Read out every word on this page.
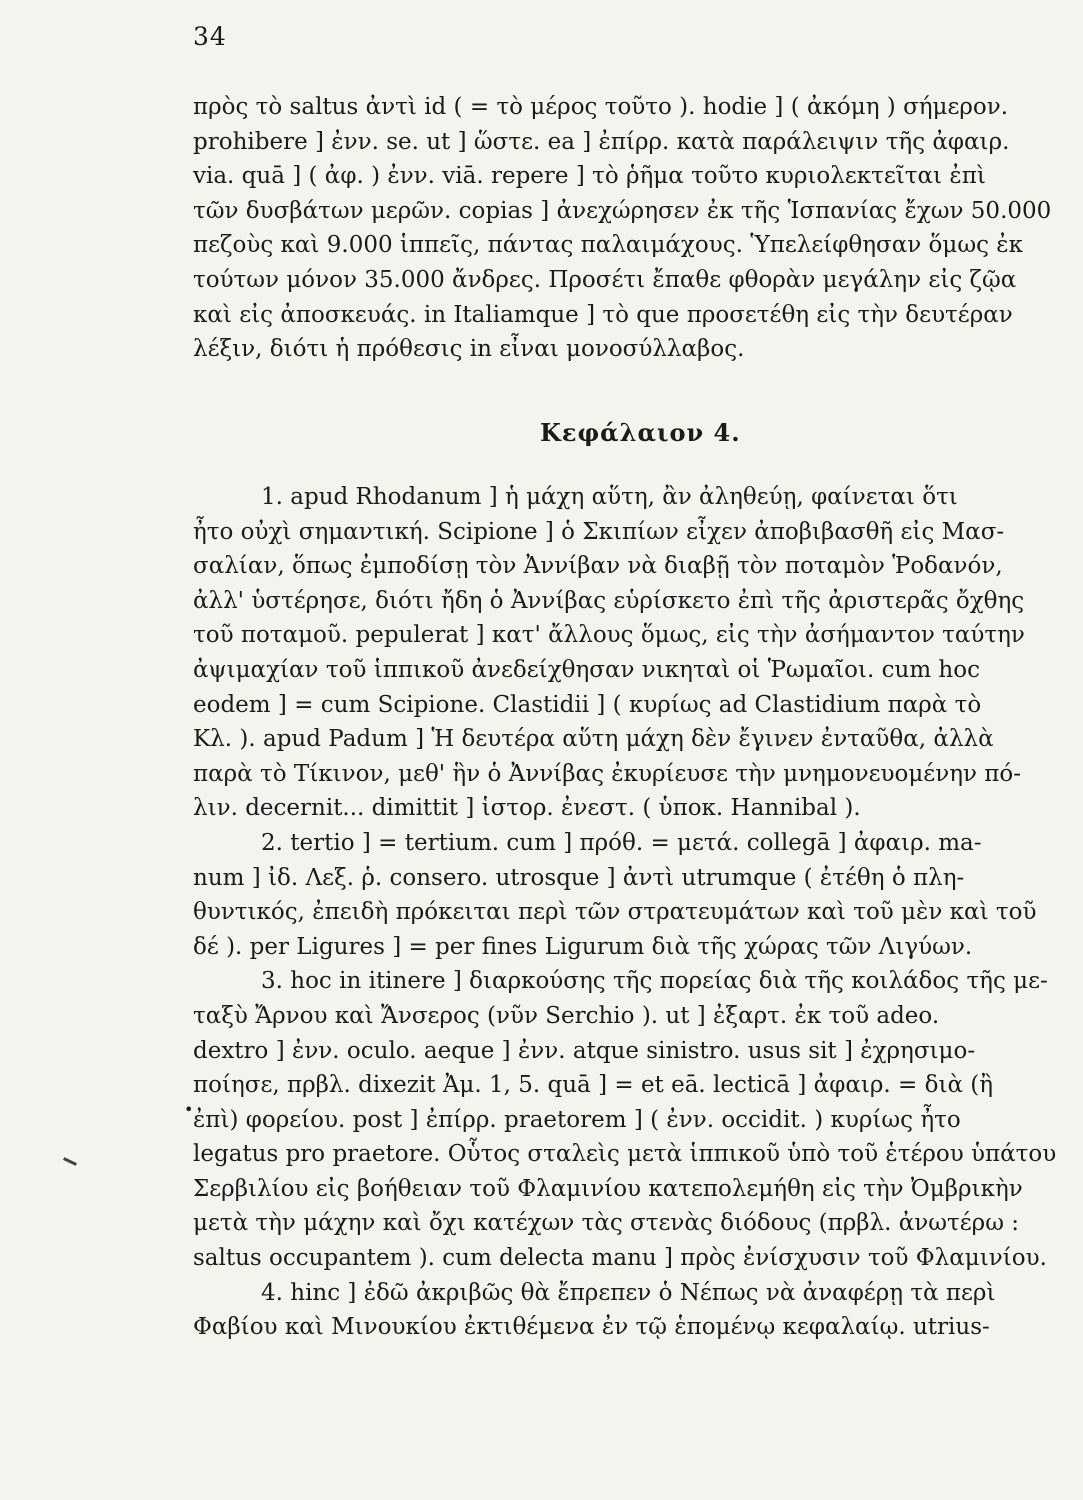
34
πρὸς τὸ saltus ἀντὶ id ( = τὸ μέρος τοῦτο ). hodie ] ( ἀκόμη ) σήμερον.
prohibere ] ἐνν. se. ut ] ὥστε. ea ] ἐπίρρ. κατὰ παράλειψιν τῆς ἀφαιρ.
via. quā ] ( ἀφ. ) ἐνν. viā. repere ] τὸ ῥῆμα τοῦτο κυριολεκτεῖται ἐπὶ
τῶν δυσβάτων μερῶν. copias ] ἀνεχώρησεν ἐκ τῆς Ἱσπανίας ἔχων 50.000
πεζοὺς καὶ 9.000 ἱππεῖς, πάντας παλαιμάχους. Ὑπελείφθησαν ὅμως ἐκ
τούτων μόνον 35.000 ἄνδρες. Προσέτι ἔπαθε φθορὰν μεγάλην εἰς ζῷα
καὶ εἰς ἀποσκευάς. in Italiamque ] τὸ que προσετέθη εἰς τὴν δευτέραν
λέξιν, διότι ἡ πρόθεσις in εἶναι μονοσύλλαβος.
Κεφάλαιον 4.
1. apud Rhodanum ] ἡ μάχη αὕτη, ἂν ἀληθεύῃ, φαίνεται ὅτι
ἦτο οὐχὶ σημαντική. Scipione ] ὁ Σκιπίων εἶχεν ἀποβιβασθῆ εἰς Μασ-
σαλίαν, ὅπως ἐμποδίσῃ τὸν Ἀννίβαν νὰ διαβῇ τὸν ποταμὸν Ῥοδανόν,
ἀλλ' ὑστέρησε, διότι ἤδη ὁ Ἀννίβας εὑρίσκετο ἐπὶ τῆς ἀριστερᾶς ὄχθης
τοῦ ποταμοῦ. pepulerat ] κατ' ἄλλους ὅμως, εἰς τὴν ἀσήμαντον ταύτην
ἀψιμαχίαν τοῦ ἱππικοῦ ἀνεδείχθησαν νικηταὶ οἱ Ῥωμαῖοι. cum hoc
eodem ] = cum Scipione. Clastidii ] ( κυρίως ad Clastidium παρὰ τὸ
Κλ. ). apud Padum ] Ἡ δευτέρα αὕτη μάχη δὲν ἔγινεν ἐνταῦθα, ἀλλὰ
παρὰ τὸ Τίκινον, μεθ' ἣν ὁ Ἀννίβας ἐκυρίευσε τὴν μνημονευομένην πό-
λιν. decernit... dimittit ] ἱστορ. ἐνεστ. ( ὑποκ. Hannibal ).
2. tertio ] = tertium. cum ] πρόθ. = μετά. collegā ] ἀφαιρ. ma-
num ] ἰδ. Λεξ. ῥ. consero. utrosque ] ἀντὶ utrumque ( ἐτέθη ὁ πλη-
θυντικός, ἐπειδὴ πρόκειται περὶ τῶν στρατευμάτων καὶ τοῦ μὲν καὶ τοῦ
δέ ). per Ligures ] = per fines Ligurum διὰ τῆς χώρας τῶν Λιγύων.
3. hoc in itinere ] διαρκούσης τῆς πορείας διὰ τῆς κοιλάδος τῆς με-
ταξὺ Ἄρνου καὶ Ἄνσερος (νῦν Serchio ). ut ] ἐξαρτ. ἐκ τοῦ adeo.
dextro ] ἐνν. oculo. aeque ] ἐνν. atque sinistro. usus sit ] ἐχρησιμο-
ποίησε, πρβλ. dixezit Ἀμ. 1, 5. quā ] = et eā. lecticā ] ἀφαιρ. = διὰ (ἢ
ἐπὶ) φορείου. post ] ἐπίρρ. praetorem ] ( ἐνν. occidit. ) κυρίως ἦτο
legatus pro praetore. Οὗτος σταλεὶς μετὰ ἱππικοῦ ὑπὸ τοῦ ἑτέρου ὑπάτου
Σερβιλίου εἰς βοήθειαν τοῦ Φλαμινίου κατεπολεμήθη εἰς τὴν Ὀμβρικὴν
μετὰ τὴν μάχην καὶ ὄχι κατέχων τὰς στενὰς διόδους (πρβλ. ἀνωτέρω :
saltus occupantem ). cum delecta manu ] πρὸς ἐνίσχυσιν τοῦ Φλαμινίου.
4. hinc ] ἐδῶ ἀκριβῶς θὰ ἔπρεπεν ὁ Νέπως νὰ ἀναφέρῃ τὰ περὶ
Φαβίου καὶ Μινουκίου ἐκτιθέμενα ἐν τῷ ἑπομένῳ κεφαλαίῳ. utrius-
•
